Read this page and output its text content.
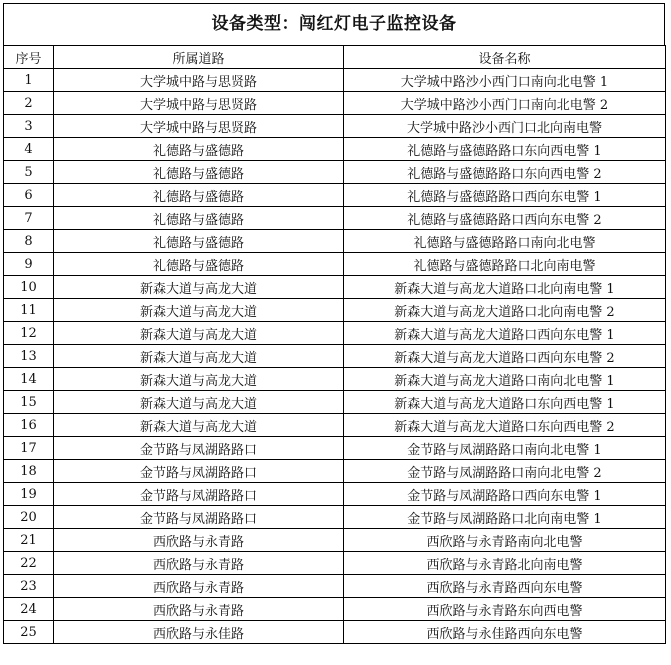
设备类型：闯红灯电子监控设备
序号	所属道路	设备名称
1	大学城中路与思贤路	大学城中路沙小西门口南向北电警 1
2	大学城中路与思贤路	大学城中路沙小西门口南向北电警 2
3	大学城中路与思贤路	大学城中路沙小西门口北向南电警
4	礼德路与盛德路	礼德路与盛德路路口东向西电警 1
5	礼德路与盛德路	礼德路与盛德路路口东向西电警 2
6	礼德路与盛德路	礼德路与盛德路路口西向东电警 1
7	礼德路与盛德路	礼德路与盛德路路口西向东电警 2
8	礼德路与盛德路	礼德路与盛德路路口南向北电警
9	礼德路与盛德路	礼德路与盛德路路口北向南电警
10	新森大道与高龙大道	新森大道与高龙大道路口北向南电警 1
11	新森大道与高龙大道	新森大道与高龙大道路口北向南电警 2
12	新森大道与高龙大道	新森大道与高龙大道路口西向东电警 1
13	新森大道与高龙大道	新森大道与高龙大道路口西向东电警 2
14	新森大道与高龙大道	新森大道与高龙大道路口南向北电警 1
15	新森大道与高龙大道	新森大道与高龙大道路口东向西电警 1
16	新森大道与高龙大道	新森大道与高龙大道路口东向西电警 2
17	金节路与凤湖路路口	金节路与凤湖路路口南向北电警 1
18	金节路与凤湖路路口	金节路与凤湖路路口南向北电警 2
19	金节路与凤湖路路口	金节路与凤湖路路口西向东电警 1
20	金节路与凤湖路路口	金节路与凤湖路路口北向南电警 1
21	西欣路与永青路	西欣路与永青路南向北电警
22	西欣路与永青路	西欣路与永青路北向南电警
23	西欣路与永青路	西欣路与永青路西向东电警
24	西欣路与永青路	西欣路与永青路东向西电警
25	西欣路与永佳路	西欣路与永佳路西向东电警
